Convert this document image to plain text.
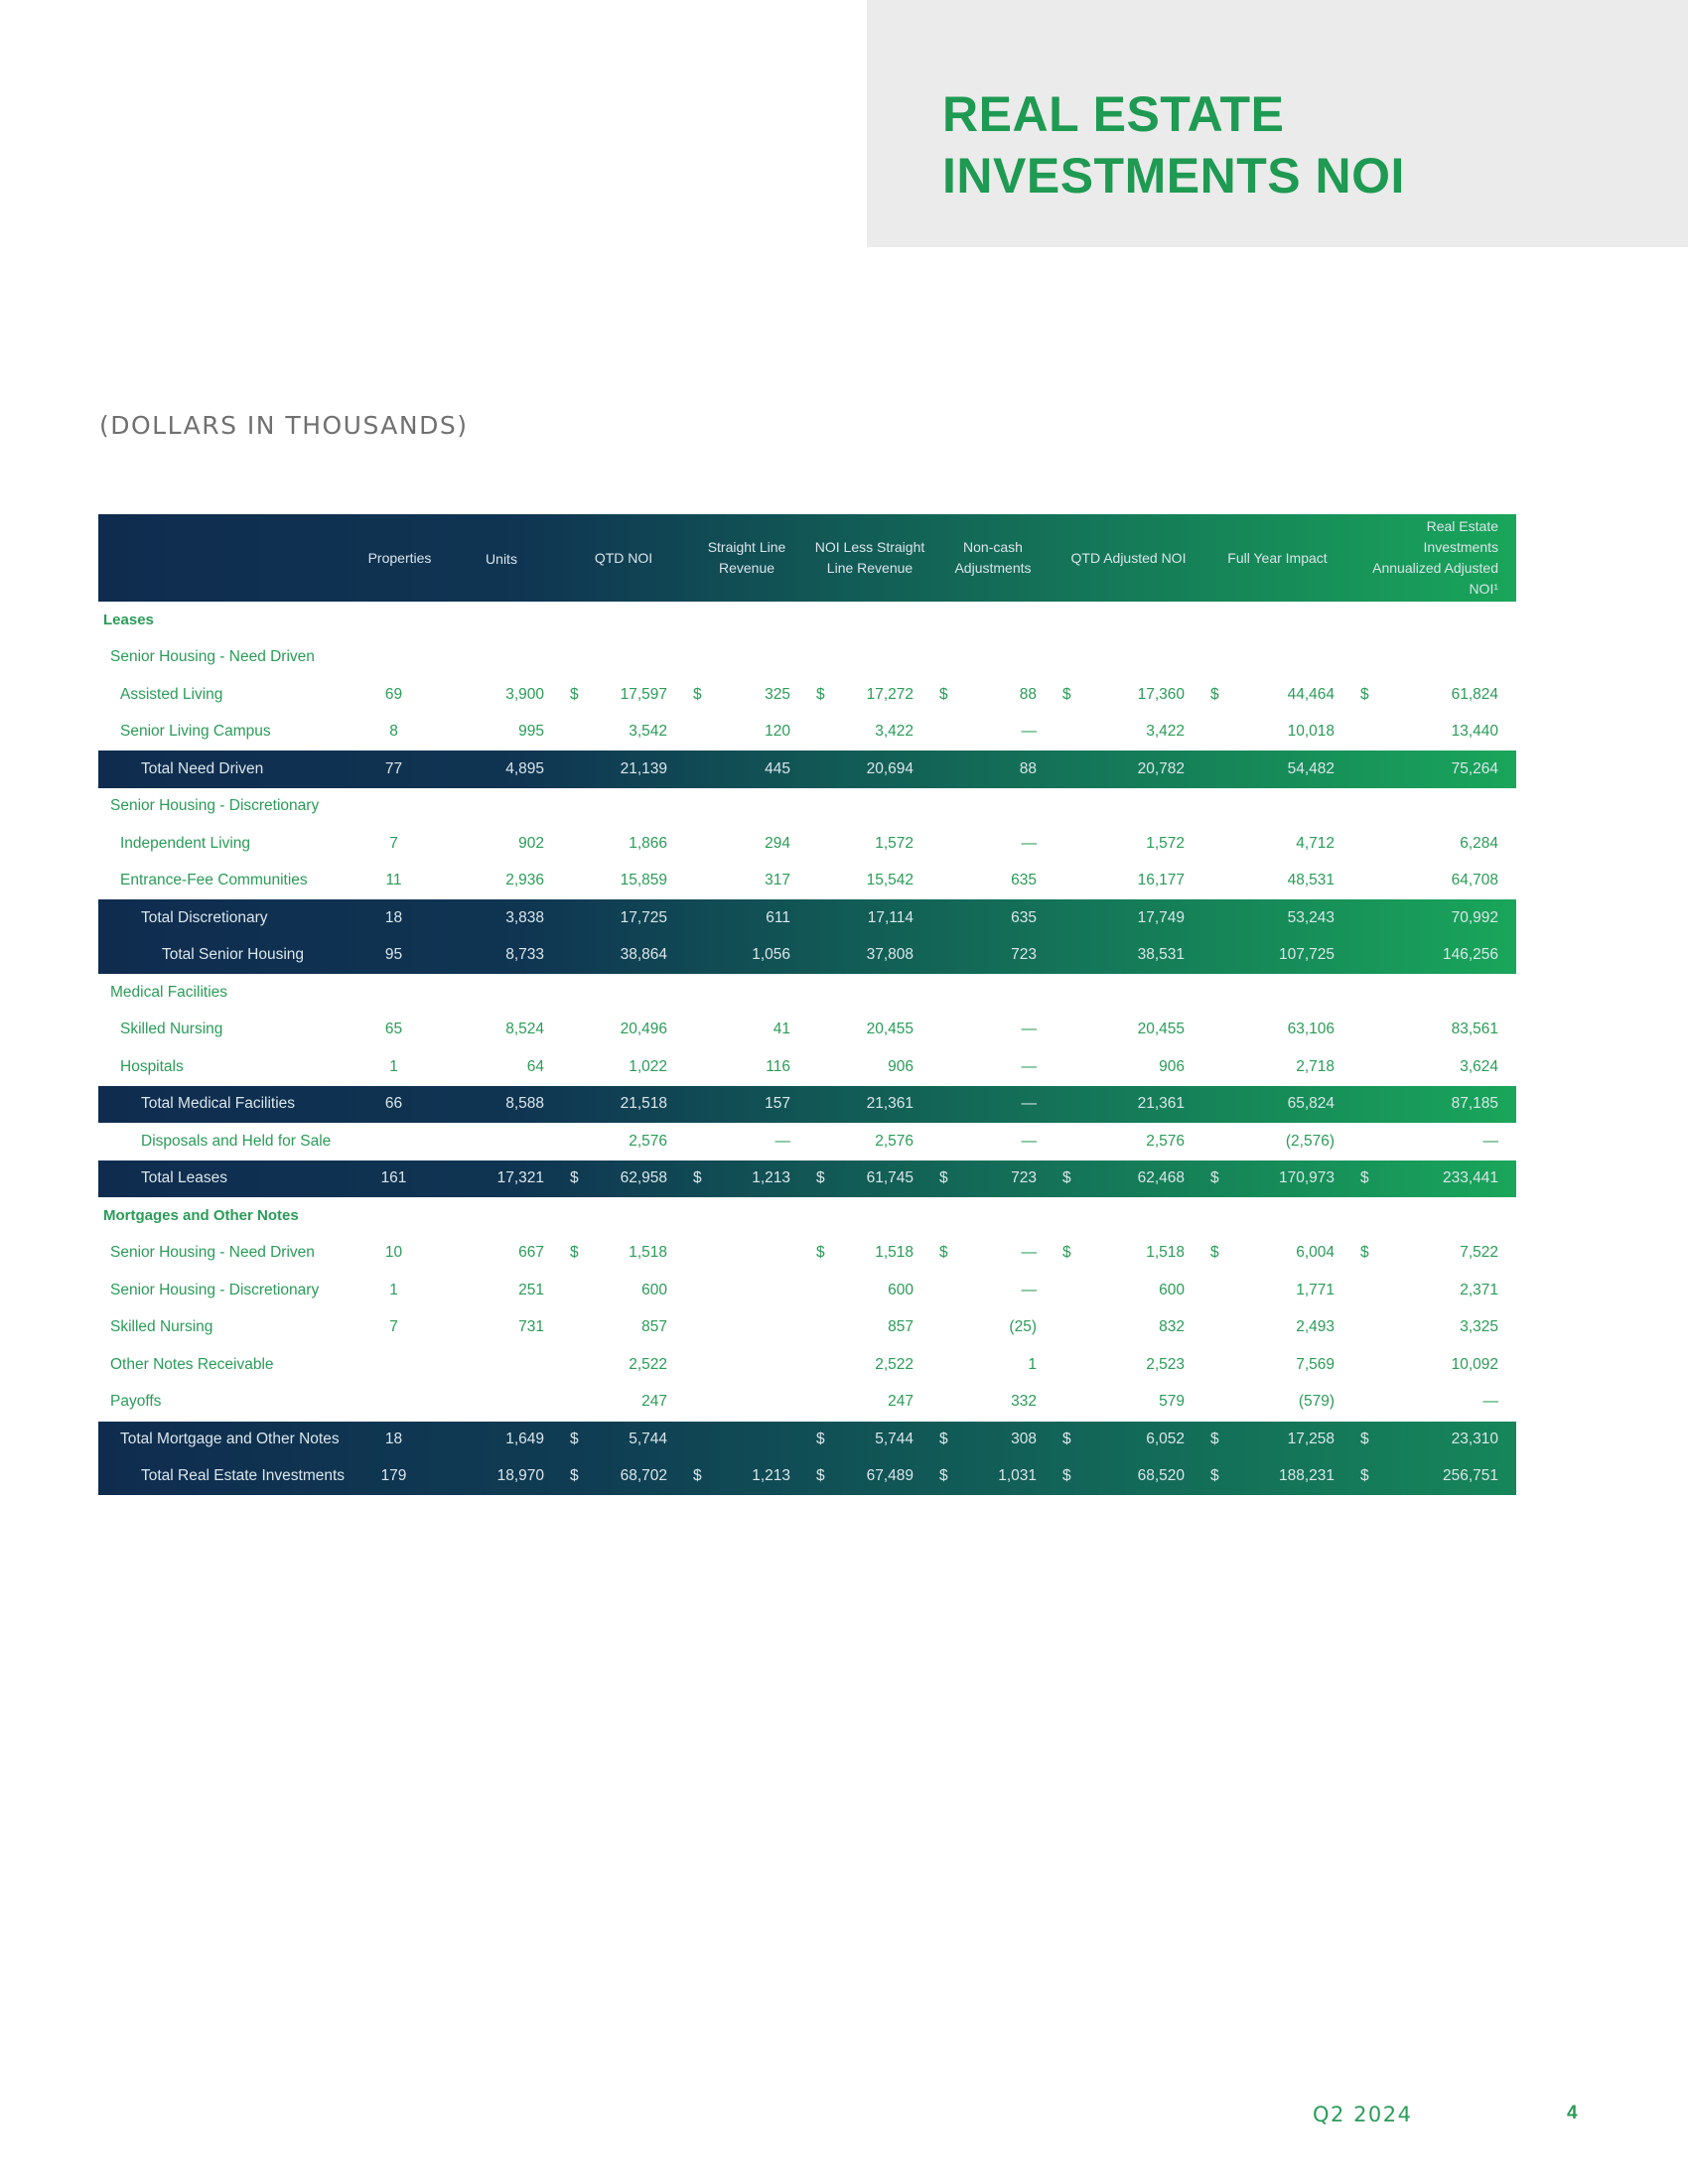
REAL ESTATE
INVESTMENTS NOI
(DOLLARS IN THOUSANDS)
	Properties	Units	QTD NOI	Straight Line Revenue	NOI Less Straight Line Revenue	Non-cash Adjustments	QTD Adjusted NOI	Full Year Impact	Real Estate Investments Annualized Adjusted NOI¹
Leases									
Senior Housing - Need Driven									
Assisted Living	69	3,900	$ 17,597	$ 325	$ 17,272	$ 88	$ 17,360	$ 44,464	$ 61,824

Senior Living Campus	8	995	3,542	120	3,422	—	3,422	10,018	13,440
Total Need Driven	77	4,895	21,139	445	20,694	88	20,782	54,482	75,264
Senior Housing - Discretionary									
Independent Living	7	902	1,866	294	1,572	—	1,572	4,712	6,284
Entrance-Fee Communities	11	2,936	15,859	317	15,542	635	16,177	48,531	64,708
Total Discretionary	18	3,838	17,725	611	17,114	635	17,749	53,243	70,992
Total Senior Housing	95	8,733	38,864	1,056	37,808	723	38,531	107,725	146,256
Medical Facilities									
Skilled Nursing	65	8,524	20,496	41	20,455	—	20,455	63,106	83,561
Hospitals	1	64	1,022	116	906	—	906	2,718	3,624
Total Medical Facilities	66	8,588	21,518	157	21,361	—	21,361	65,824	87,185
Disposals and Held for Sale			2,576	—	2,576	—	2,576	(2,576)	—
Total Leases	161	17,321	$ 62,958	$ 1,213	$ 61,745	$ 723	$ 62,468	$ 170,973	$ 233,441

Mortgages and Other Notes									
Senior Housing - Need Driven	10	667	$ 1,518		$ 1,518	$ —	$ 1,518	$ 6,004	$ 7,522

Senior Housing - Discretionary	1	251	600		600	—	600	1,771	2,371
Skilled Nursing	7	731	857		857	(25)	832	2,493	3,325
Other Notes Receivable			2,522		2,522	1	2,523	7,569	10,092
Payoffs			247		247	332	579	(579)	—
Total Mortgage and Other Notes	18	1,649	$ 5,744		$ 5,744	$ 308	$ 6,052	$ 17,258	$ 23,310

Total Real Estate Investments	179	18,970	$ 68,702	$ 1,213	$ 67,489	$ 1,031	$ 68,520	$ 188,231	$ 256,751
Q2 2024	4
